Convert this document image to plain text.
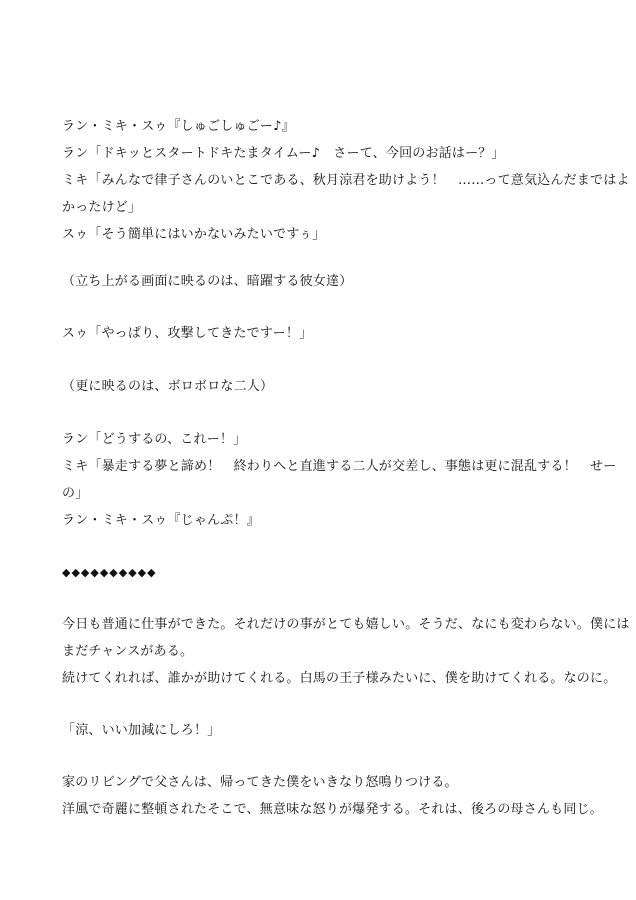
ラン・ミキ・スゥ『しゅごしゅごー♪』
ラン「ドキッとスタートドキたまタイムー♪　さーて、今回のお話はー？」
ミキ「みんなで律子さんのいとこである、秋月涼君を助けよう！　……って意気込んだまではよ
かったけど」
スゥ「そう簡単にはいかないみたいですぅ」
（立ち上がる画面に映るのは、暗躍する彼女達）
スゥ「やっぱり、攻撃してきたですー！」
（更に映るのは、ボロボロな二人）
ラン「どうするの、これー！」
ミキ「暴走する夢と諦め！　終わりへと直進する二人が交差し、事態は更に混乱する！　せー
の」
ラン・ミキ・スゥ『じゃんぷ！』
◆◆◆◆◆◆◆◆◆◆
今日も普通に仕事ができた。それだけの事がとても嬉しい。そうだ、なにも変わらない。僕には
まだチャンスがある。
続けてくれれば、誰かが助けてくれる。白馬の王子様みたいに、僕を助けてくれる。なのに。
「涼、いい加減にしろ！」
家のリビングで父さんは、帰ってきた僕をいきなり怒鳴りつける。
洋風で奇麗に整頓されたそこで、無意味な怒りが爆発する。それは、後ろの母さんも同じ。
